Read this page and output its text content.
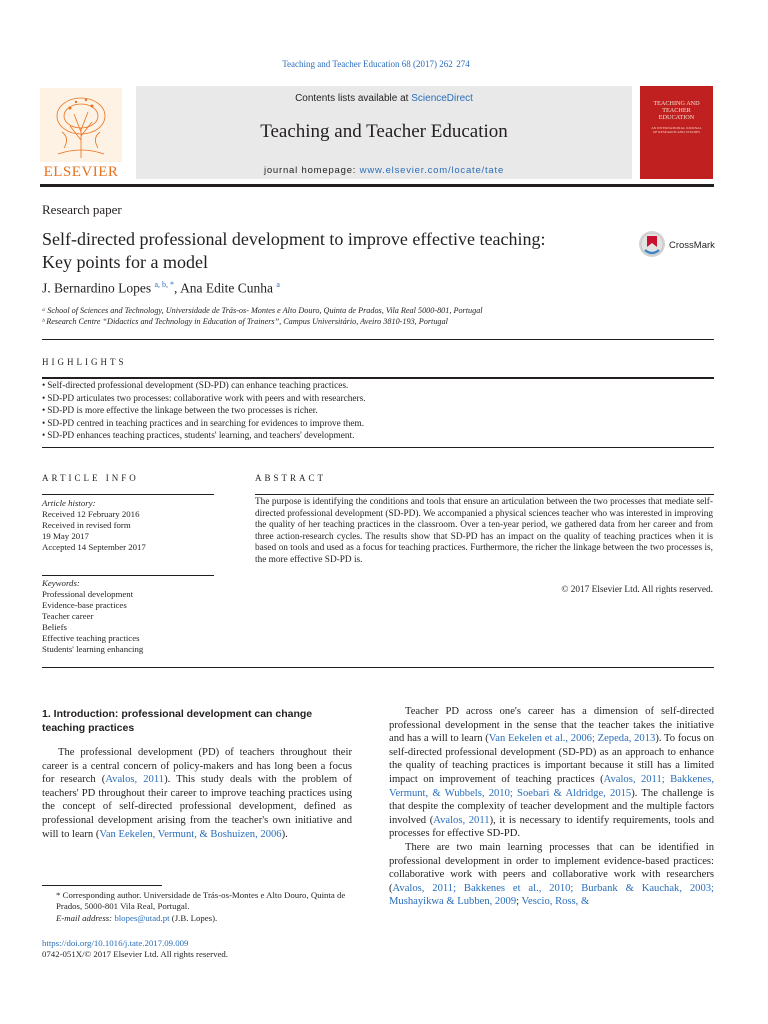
Teaching and Teacher Education 68 (2017) 262  274
Contents lists available at ScienceDirect
Teaching and Teacher Education
journal homepage: www.elsevier.com/locate/tate
ELSEVIER
TEACHING AND TEACHER EDUCATION
AN INTERNATIONAL JOURNAL OF RESEARCH AND STUDIES
Research paper
Self-directed professional development to improve effective teaching:
Key points for a model
CrossMark
J. Bernardino Lopes $^{a, b, *}$, Ana Edite Cunha $^a$
ᵃ School of Sciences and Technology, Universidade de Trás-os- Montes e Alto Douro, Quinta de Prados, Vila Real 5000-801, Portugal
ᵇ Research Centre “Didactics and Technology in Education of Trainers”, Campus Universitário, Aveiro 3810-193, Portugal
HIGHLIGHTS
• Self-directed professional development (SD-PD) can enhance teaching practices.
• SD-PD articulates two processes: collaborative work with peers and with researchers.
• SD-PD is more effective the linkage between the two processes is richer.
• SD-PD centred in teaching practices and in searching for evidences to improve them.
• SD-PD enhances teaching practices, students' learning, and teachers' development.
ARTICLE INFO
Article history:
Received 12 February 2016
Received in revised form
19 May 2017
Accepted 14 September 2017
Keywords:
Professional development
Evidence-base practices
Teacher career
Beliefs
Effective teaching practices
Students' learning enhancing
ABSTRACT

The purpose is identifying the conditions and tools that ensure an articulation between the two processes that mediate self-directed professional development (SD-PD). We accompanied a physical sciences teacher who was interested in improving the quality of her teaching practices in the classroom. Over a ten-year period, we gathered data from her career and from three action-research cycles. The results show that SD-PD has an impact on the quality of teaching practices when it is based on tools and used as a focus for teaching practices. Furthermore, the richer the linkage between the two processes is, the more effective SD-PD is.

© 2017 Elsevier Ltd. All rights reserved.
1. Introduction: professional development can change teaching practices

The professional development (PD) of teachers throughout their career is a central concern of policy-makers and has long been a focus for research (Avalos, 2011). This study deals with the problem of teachers' PD throughout their career to improve teaching practices using the concept of self-directed professional development, defined as professional development arising from the teacher's own initiative and will to learn (Van Eekelen, Vermunt, & Boshuizen, 2006).

Teacher PD across one's career has a dimension of self-directed professional development in the sense that the teacher takes the initiative and has a will to learn (Van Eekelen et al., 2006; Zepeda, 2013). To focus on self-directed professional development (SD-PD) as an approach to enhance the quality of teaching practices is important because it still has a limited impact on improvement of teaching practices (Avalos, 2011; Bakkenes, Vermunt, & Wubbels, 2010; Soebari & Aldridge, 2015). The challenge is that despite the complexity of teacher development and the multiple factors involved (Avalos, 2011), it is necessary to identify requirements, tools and processes for effective SD-PD.

There are two main learning processes that can be identified in professional development in order to implement evidence-based practices: collaborative work with peers and collaborative work with researchers (Avalos, 2011; Bakkenes et al., 2010; Burbank & Kauchak, 2003; Mushayikwa & Lubben, 2009; Vescio, Ross, &

* Corresponding author. Universidade de Trás-os-Montes e Alto Douro, Quinta de Prados, 5000-801 Vila Real, Portugal.
E-mail address: blopes@utad.pt (J.B. Lopes).
https://doi.org/10.1016/j.tate.2017.09.009
0742-051X/© 2017 Elsevier Ltd. All rights reserved.
